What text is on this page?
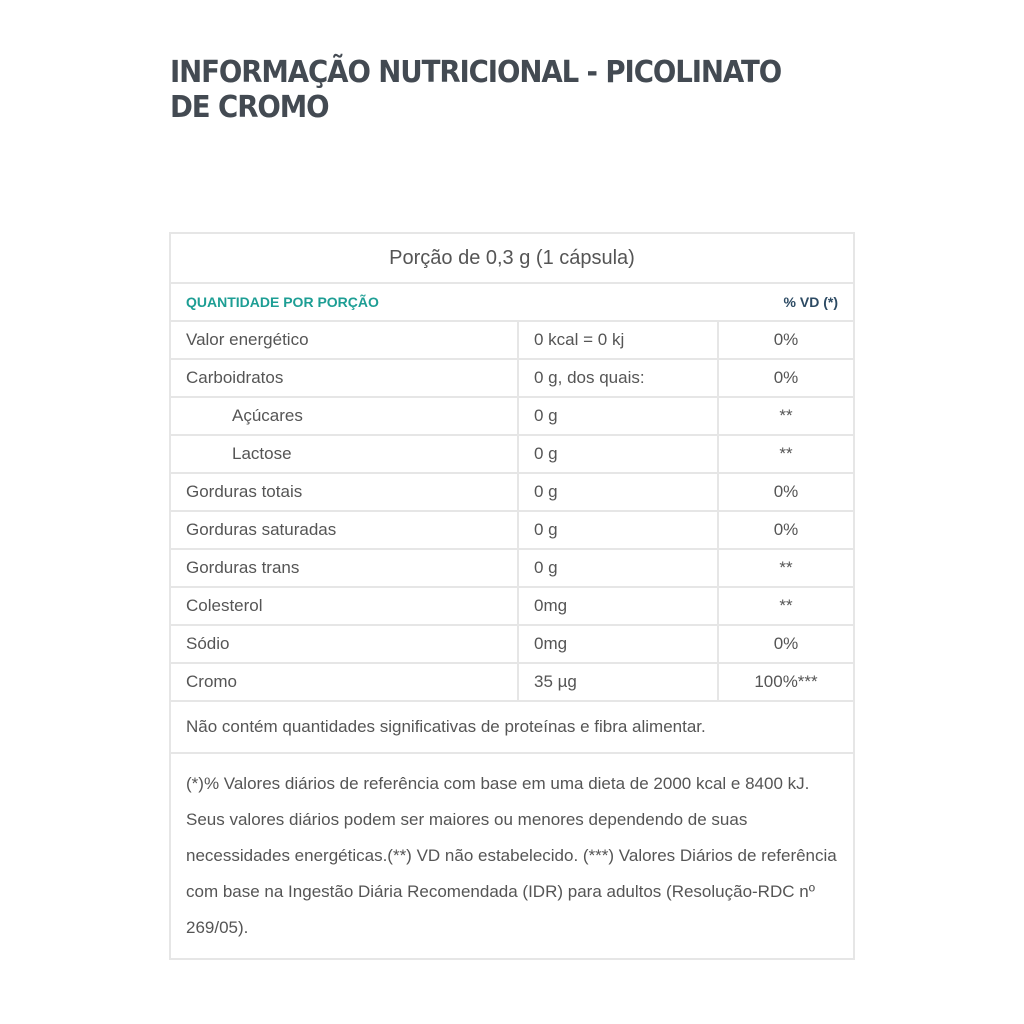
INFORMAÇÃO NUTRICIONAL - PICOLINATO DE CROMO
Porção de 0,3 g (1 cápsula)		
QUANTIDADE POR PORÇÃO		% VD (*)
Valor energético	0 kcal = 0 kj	0%
Carboidratos	0 g, dos quais:	0%
Açúcares	0 g	**
Lactose	0 g	**
Gorduras totais	0 g	0%
Gorduras saturadas	0 g	0%
Gorduras trans	0 g	**
Colesterol	0mg	**
Sódio	0mg	0%
Cromo	35 µg	100%***
Não contém quantidades significativas de proteínas e fibra alimentar.		
(*)% Valores diários de referência com base em uma dieta de 2000 kcal e 8400 kJ. Seus valores diários podem ser maiores ou menores dependendo de suas necessidades energéticas.(**) VD não estabelecido. (***) Valores Diários de referência com base na Ingestão Diária Recomendada (IDR) para adultos (Resolução-RDC nº 269/05).		
